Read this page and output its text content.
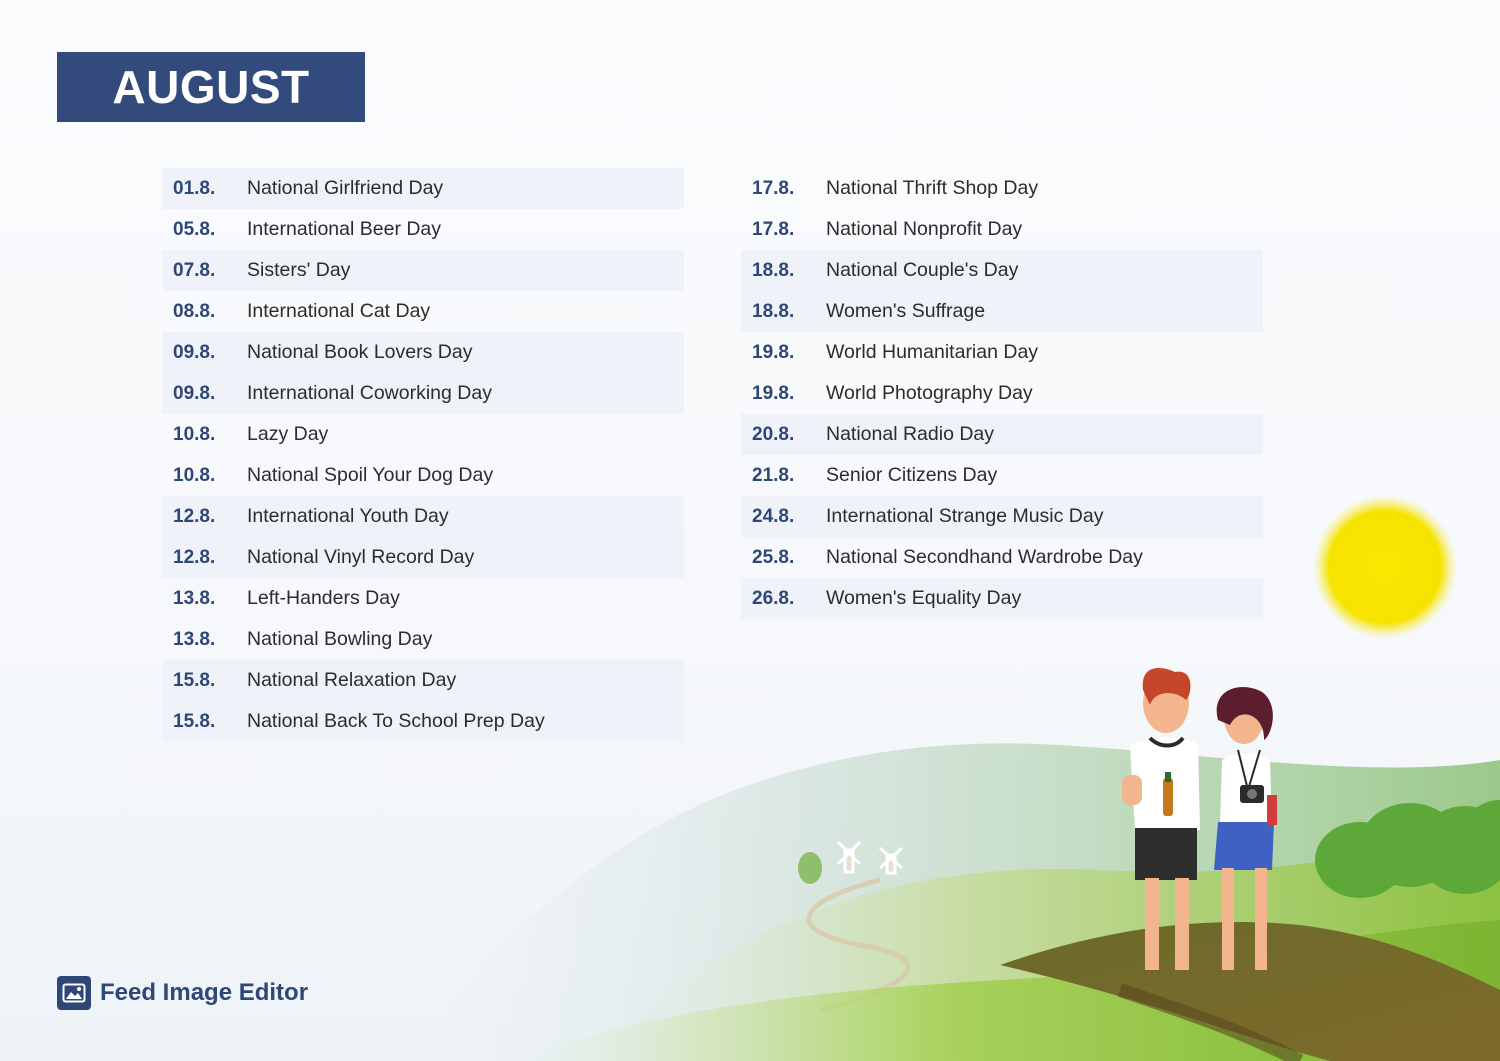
AUGUST
01.8.	National Girlfriend Day
05.8.	International Beer Day
07.8.	Sisters' Day
08.8.	International Cat Day
09.8.	National Book Lovers Day
09.8.	International Coworking Day
10.8.	Lazy Day
10.8.	National Spoil Your Dog Day
12.8.	International Youth Day
12.8.	National Vinyl Record Day
13.8.	Left-Handers Day
13.8.	National Bowling Day
15.8.	National Relaxation Day
15.8.	National Back To School Prep Day
17.8.	National Thrift Shop Day
17.8.	National Nonprofit Day
18.8.	National Couple's Day
18.8.	Women's Suffrage
19.8.	World Humanitarian Day
19.8.	World Photography Day
20.8.	National Radio Day
21.8.	Senior Citizens Day
24.8.	International Strange Music Day
25.8.	National Secondhand Wardrobe Day
26.8.	Women's Equality Day
Feed Image Editor
